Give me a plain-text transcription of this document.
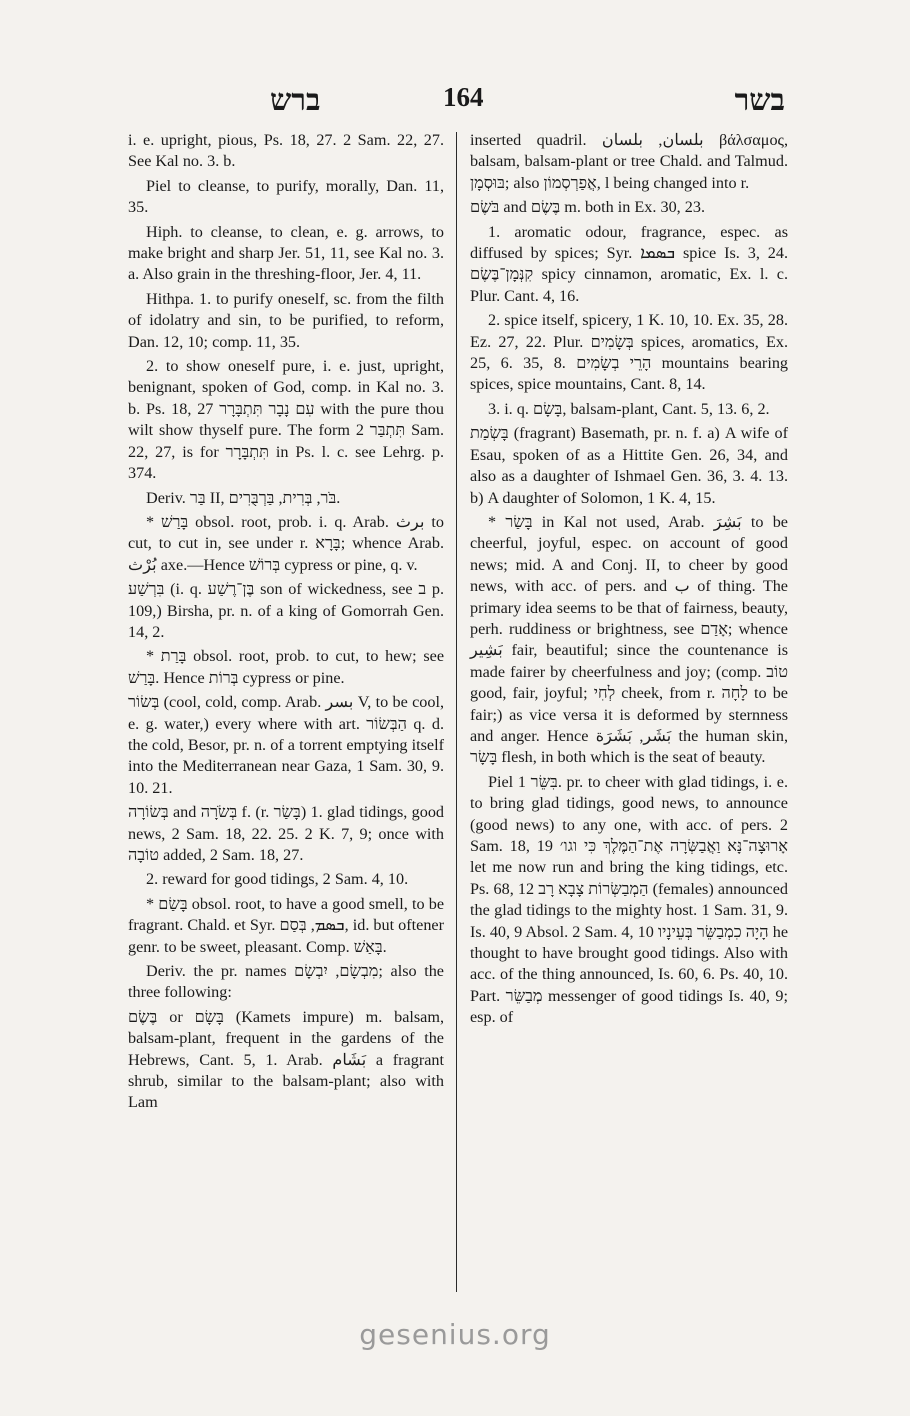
ברש	164	בשר

i. e. upright, pious, Ps. 18, 27. 2 Sam. 22, 27. See Kal no. 3. b.

Piel to cleanse, to purify, morally, Dan. 11, 35.

Hiph. to cleanse, to clean, e. g. arrows, to make bright and sharp Jer. 51, 11, see Kal no. 3. a. Also grain in the threshing-floor, Jer. 4, 11.

Hithpa. 1. to purify oneself, sc. from the filth of idolatry and sin, to be purified, to reform, Dan. 12, 10; comp. 11, 35.

2. to show oneself pure, i. e. just, upright, benignant, spoken of God, comp. in Kal no. 3. b. Ps. 18, 27 עִם נָבָר תִּתְבָּרָר with the pure thou wilt show thyself pure. The form תִּתְבַּר 2 Sam. 22, 27, is for תִּתְבָּרָר in Ps. l. c. see Lehrg. p. 374.

Deriv. בַּר II, בֹּר, בְּרִית, בַּרְבֻּרִים.

* בָּרַשׁ obsol. root, prob. i. q. Arab. برث to cut, to cut in, see under r. בָּרָא; whence Arab. بُرْث axe.—Hence בְּרוֹשׁ cypress or pine, q. v.

בִּרְשַׁע (i. q. בֶּן־רֶשַׁע son of wickedness, see ב p. 109,) Birsha, pr. n. of a king of Gomorrah Gen. 14, 2.

* בָּרַת obsol. root, prob. to cut, to hew; see בָּרַשׁ. Hence בְּרוֹת cypress or pine.

בְּשׂוֹר (cool, cold, comp. Arab. بسر V, to be cool, e. g. water,) every where with art. הַבְּשׂוֹר q. d. the cold, Besor, pr. n. of a torrent emptying itself into the Mediterranean near Gaza, 1 Sam. 30, 9. 10. 21.

בְּשׂוֹרָה and בְּשֹׂרָה f. (r. בָּשַׂר) 1. glad tidings, good news, 2 Sam. 18, 22. 25. 2 K. 7, 9; once with טוֹבָה added, 2 Sam. 18, 27.

2. reward for good tidings, 2 Sam. 4, 10.

* בָּשַׂם obsol. root, to have a good smell, to be fragrant. Chald. et Syr. ܒܣܡ, בְּסַם, id. but oftener genr. to be sweet, pleasant. Comp. בָּאַשׁ.

Deriv. the pr. names מִבְשָׂם, יִבְשָׂם; also the three following:

בֶּשֶׂם or בָּשָׂם (Kamets impure) m. balsam, balsam-plant, frequent in the gardens of the Hebrews, Cant. 5, 1. Arab. بَشَام a fragrant shrub, similar to the balsam-plant; also with Lam

inserted quadril. بلسان, بلسان βάλσαμος, balsam, balsam-plant or tree Chald. and Talmud. בּוּסְמָן; also אֲפַרְסְמוֹן, l being changed into r.

בֹּשֶׂם and בֶּשֶׂם m. both in Ex. 30, 23.

1. aromatic odour, fragrance, espec. as diffused by spices; Syr. ܒܣܡܐ spice Is. 3, 24. קִנְּמָן־בֶּשֶׂם spicy cinnamon, aromatic, Ex. l. c. Plur. Cant. 4, 16.

2. spice itself, spicery, 1 K. 10, 10. Ex. 35, 28. Ez. 27, 22. Plur. בְּשָׂמִים spices, aromatics, Ex. 25, 6. 35, 8. הָרֵי בְשָׂמִים mountains bearing spices, spice mountains, Cant. 8, 14.

3. i. q. בָּשָׂם, balsam-plant, Cant. 5, 13. 6, 2.

בָּשְׂמַת (fragrant) Basemath, pr. n. f. a) A wife of Esau, spoken of as a Hittite Gen. 26, 34, and also as a daughter of Ishmael Gen. 36, 3. 4. 13. b) A daughter of Solomon, 1 K. 4, 15.

* בָּשַׂר in Kal not used, Arab. بَشِرَ to be cheerful, joyful, espec. on account of good news; mid. A and Conj. II, to cheer by good news, with acc. of pers. and ب of thing. The primary idea seems to be that of fairness, beauty, perh. ruddiness or brightness, see אָדַם; whence بَشِير fair, beautiful; since the countenance is made fairer by cheerfulness and joy; (comp. טוֹב good, fair, joyful; לְחִי cheek, from r. לָחָה to be fair;) as vice versa it is deformed by sternness and anger. Hence بَشَر, بَشَرَة the human skin, בָּשָׂר flesh, in both which is the seat of beauty.

Piel בִּשֵּׂר 1. pr. to cheer with glad tidings, i. e. to bring glad tidings, good news, to announce (good news) to any one, with acc. of pers. 2 Sam. 18, 19 אָרוּצָה־נָּא וַאֲבַשְּׂרָה אֶת־הַמֶּלֶךְ כִּי וגו׳ let me now run and bring the king tidings, etc. Ps. 68, 12 הַמְבַשְּׂרוֹת צָבָא רָב (females) announced the glad tidings to the mighty host. 1 Sam. 31, 9. Is. 40, 9 Absol. 2 Sam. 4, 10 הָיָה כִמְבַשֵּׂר בְּעֵינָיו he thought to have brought good tidings. Also with acc. of the thing announced, Is. 60, 6. Ps. 40, 10. Part. מְבַשֵּׂר messenger of good tidings Is. 40, 9; esp. of

gesenius.org
